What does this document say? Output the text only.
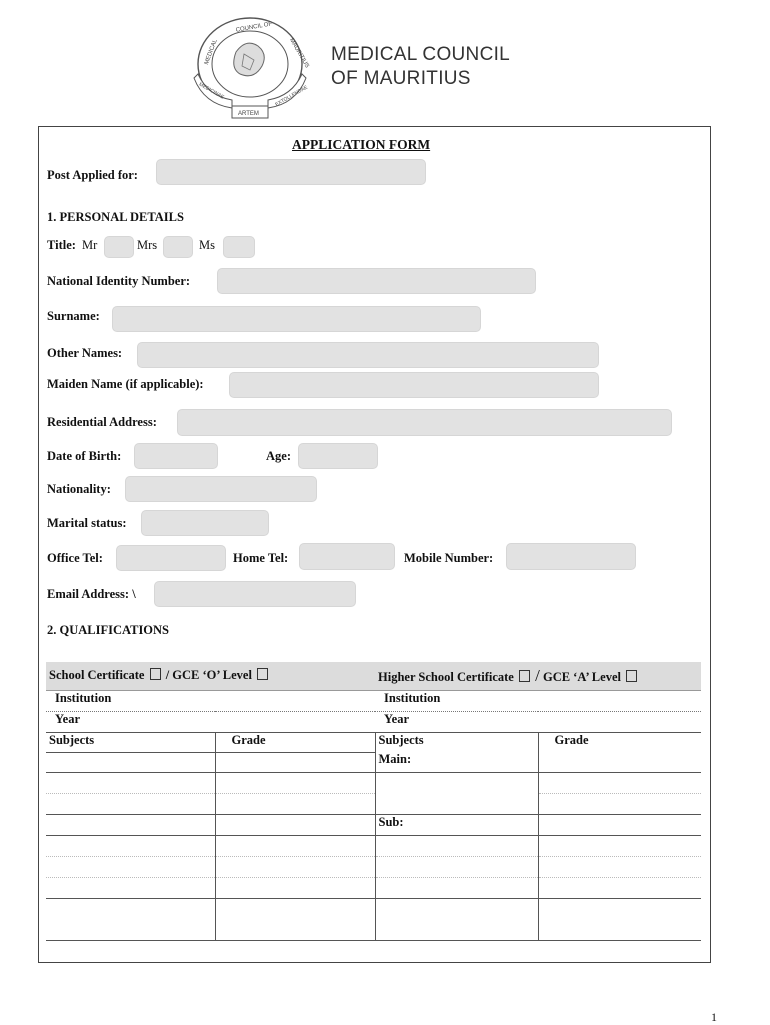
COUNCIL OF
MEDICAL	MAURITIUS
MEDICINAE	EXTOLLENDAE
ARTEM
MEDICAL COUNCIL
OF MAURITIUS
APPLICATION FORM
Post Applied for:
1. PERSONAL DETAILS
Title: Mr	Mrs	Ms
National Identity Number:
Surname:
Other Names:
Maiden Name (if applicable):
Residential Address:
Date of Birth:	Age:
Nationality:
Marital status:
Office Tel:	Home Tel:	Mobile Number:
Email Address: \
2. QUALIFICATIONS
School Certificate / GCE ‘O’ Level		Higher School Certificate / GCE ‘A’ Level	
Institution		Institution	
Year		Year	
Subjects	Grade	Subjects	Grade
		Main:	

		Sub:	

1
